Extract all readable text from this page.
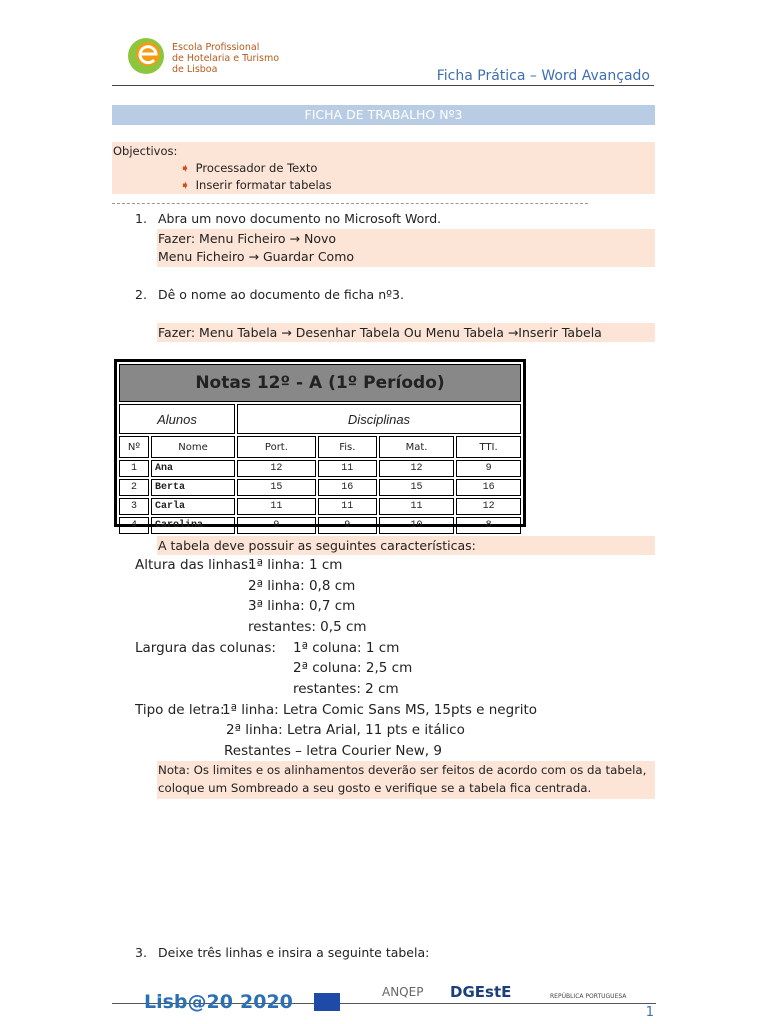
Escola Profissional
de Hotelaria e Turismo
de Lisboa	Ficha Prática – Word Avançado
FICHA DE TRABALHO Nº3
Objectivos:
➧ Processador de Texto
➧ Inserir formatar tabelas
1. Abra um novo documento no Microsoft Word.
Fazer: Menu Ficheiro → Novo
Menu Ficheiro → Guardar Como
2. Dê o nome ao documento de ficha nº3.
Fazer: Menu Tabela → Desenhar Tabela Ou Menu Tabela →Inserir Tabela
Notas 12º - A (1º Período)					
Alunos		Disciplinas			
Nº	Nome	Port.	Fis.	Mat.	TTI.
1	Ana	12	11	12	9
2	Berta	15	16	15	16
3	Carla	11	11	11	12
4	Carolina	9	9	10	8
A tabela deve possuir as seguintes características:
Altura das linhas:
1ª linha: 1 cm
2ª linha: 0,8 cm
3ª linha: 0,7 cm
restantes: 0,5 cm
Largura das colunas: 1ª coluna: 1 cm
2ª coluna: 2,5 cm
restantes: 2 cm
Tipo de letra:
1ª linha: Letra Comic Sans MS, 15pts e negrito
2ª linha: Letra Arial, 11 pts e itálico
Restantes – letra Courier New, 9
Nota: Os limites e os alinhamentos deverão ser feitos de acordo com os da tabela,
coloque um Sombreado a seu gosto e verifique se a tabela fica centrada.
3. Deixe três linhas e insira a seguinte tabela:
Lisb@20 2020	ANQEP DGEstE	REPÚBLICA PORTUGUESA
1
